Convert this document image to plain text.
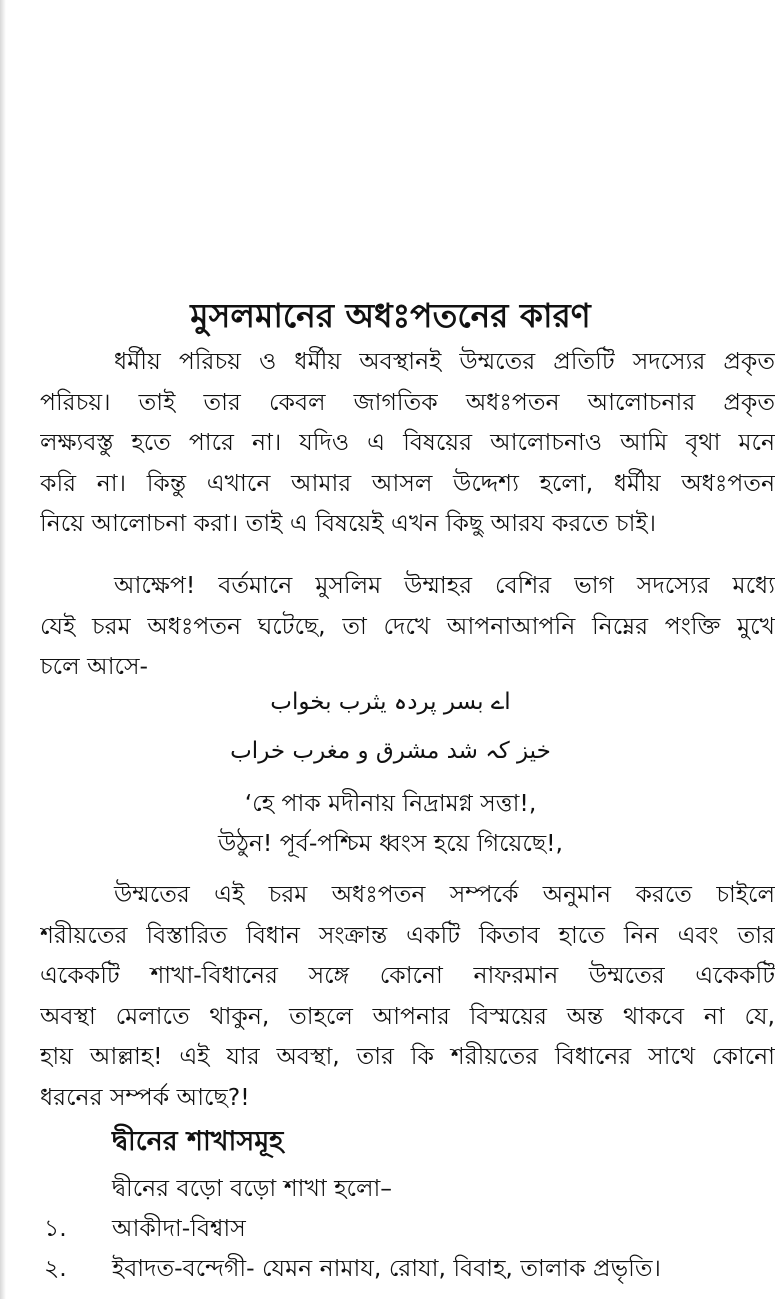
মুসলমানের অধঃপতনের কারণ
ধর্মীয় পরিচয় ও ধর্মীয় অবস্থানই উম্মতের প্রতিটি সদস্যের প্রকৃত
পরিচয়। তাই তার কেবল জাগতিক অধঃপতন আলোচনার প্রকৃত
লক্ষ্যবস্তু হতে পারে না। যদিও এ বিষয়ের আলোচনাও আমি বৃথা মনে
করি না। কিন্তু এখানে আমার আসল উদ্দেশ্য হলো, ধর্মীয় অধঃপতন
নিয়ে আলোচনা করা। তাই এ বিষয়েই এখন কিছু আরয করতে চাই।
আক্ষেপ! বর্তমানে মুসলিম উম্মাহর বেশির ভাগ সদস্যের মধ্যে
যেই চরম অধঃপতন ঘটেছে, তা দেখে আপনাআপনি নিম্নের পংক্তি মুখে
চলে আসে-
اے بسر پردہ یثرب بخواب
خیز کہ شد مشرق و مغرب خراب
‘হে পাক মদীনায় নিদ্রামগ্ন সত্তা!,
উঠুন! পূর্ব-পশ্চিম ধ্বংস হয়ে গিয়েছে!,
উম্মতের এই চরম অধঃপতন সম্পর্কে অনুমান করতে চাইলে
শরীয়তের বিস্তারিত বিধান সংক্রান্ত একটি কিতাব হাতে নিন এবং তার
একেকটি শাখা-বিধানের সঙ্গে কোনো নাফরমান উম্মতের একেকটি
অবস্থা মেলাতে থাকুন, তাহলে আপনার বিস্ময়ের অন্ত থাকবে না যে,
হায় আল্লাহ! এই যার অবস্থা, তার কি শরীয়তের বিধানের সাথে কোনো
ধরনের সম্পর্ক আছে?!
দ্বীনের শাখাসমূহ
দ্বীনের বড়ো বড়ো শাখা হলো–
১. আকীদা-বিশ্বাস
২. ইবাদত-বন্দেগী- যেমন নামায, রোযা, বিবাহ, তালাক প্রভৃতি।
